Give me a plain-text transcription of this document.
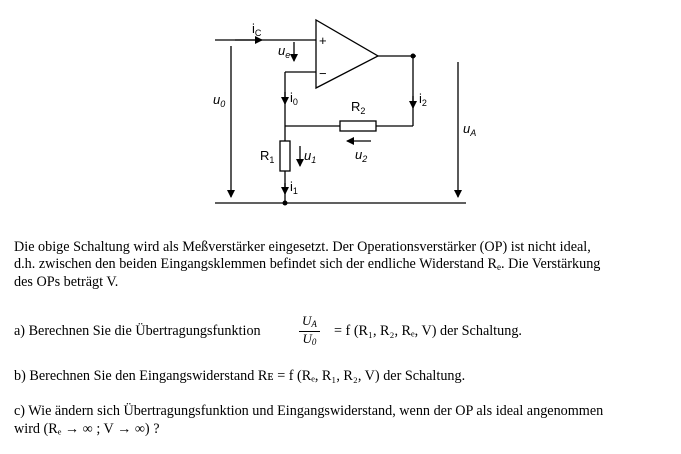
+
−
$i_C$
$u_e$
$u_0$	$i_0$	$R_2$
$i_2$
$u_A$
$R_1$ $u_1$	$u_2$
$i_1$
Die obige Schaltung wird als Meßverstärker eingesetzt. Der Operationsverstärker (OP) ist nicht ideal,
d.h. zwischen den beiden Eingangsklemmen befindet sich der endliche Widerstand $R_e$. Die Verstärkung
des OPs beträgt V.
a) Berechnen Sie die Übertragungsfunktion	$\frac{U_A}{U_0} = f$ (R₁, R₂, Rₑ, V) der Schaltung.
b) Berechnen Sie den Eingangswiderstand Rᴇ = f (Rₑ, R₁, R₂, V) der Schaltung.
c) Wie ändern sich Übertragungsfunktion und Eingangswiderstand, wenn der OP als ideal angenommen
wird (Rₑ → ∞ ; V → ∞) ?
